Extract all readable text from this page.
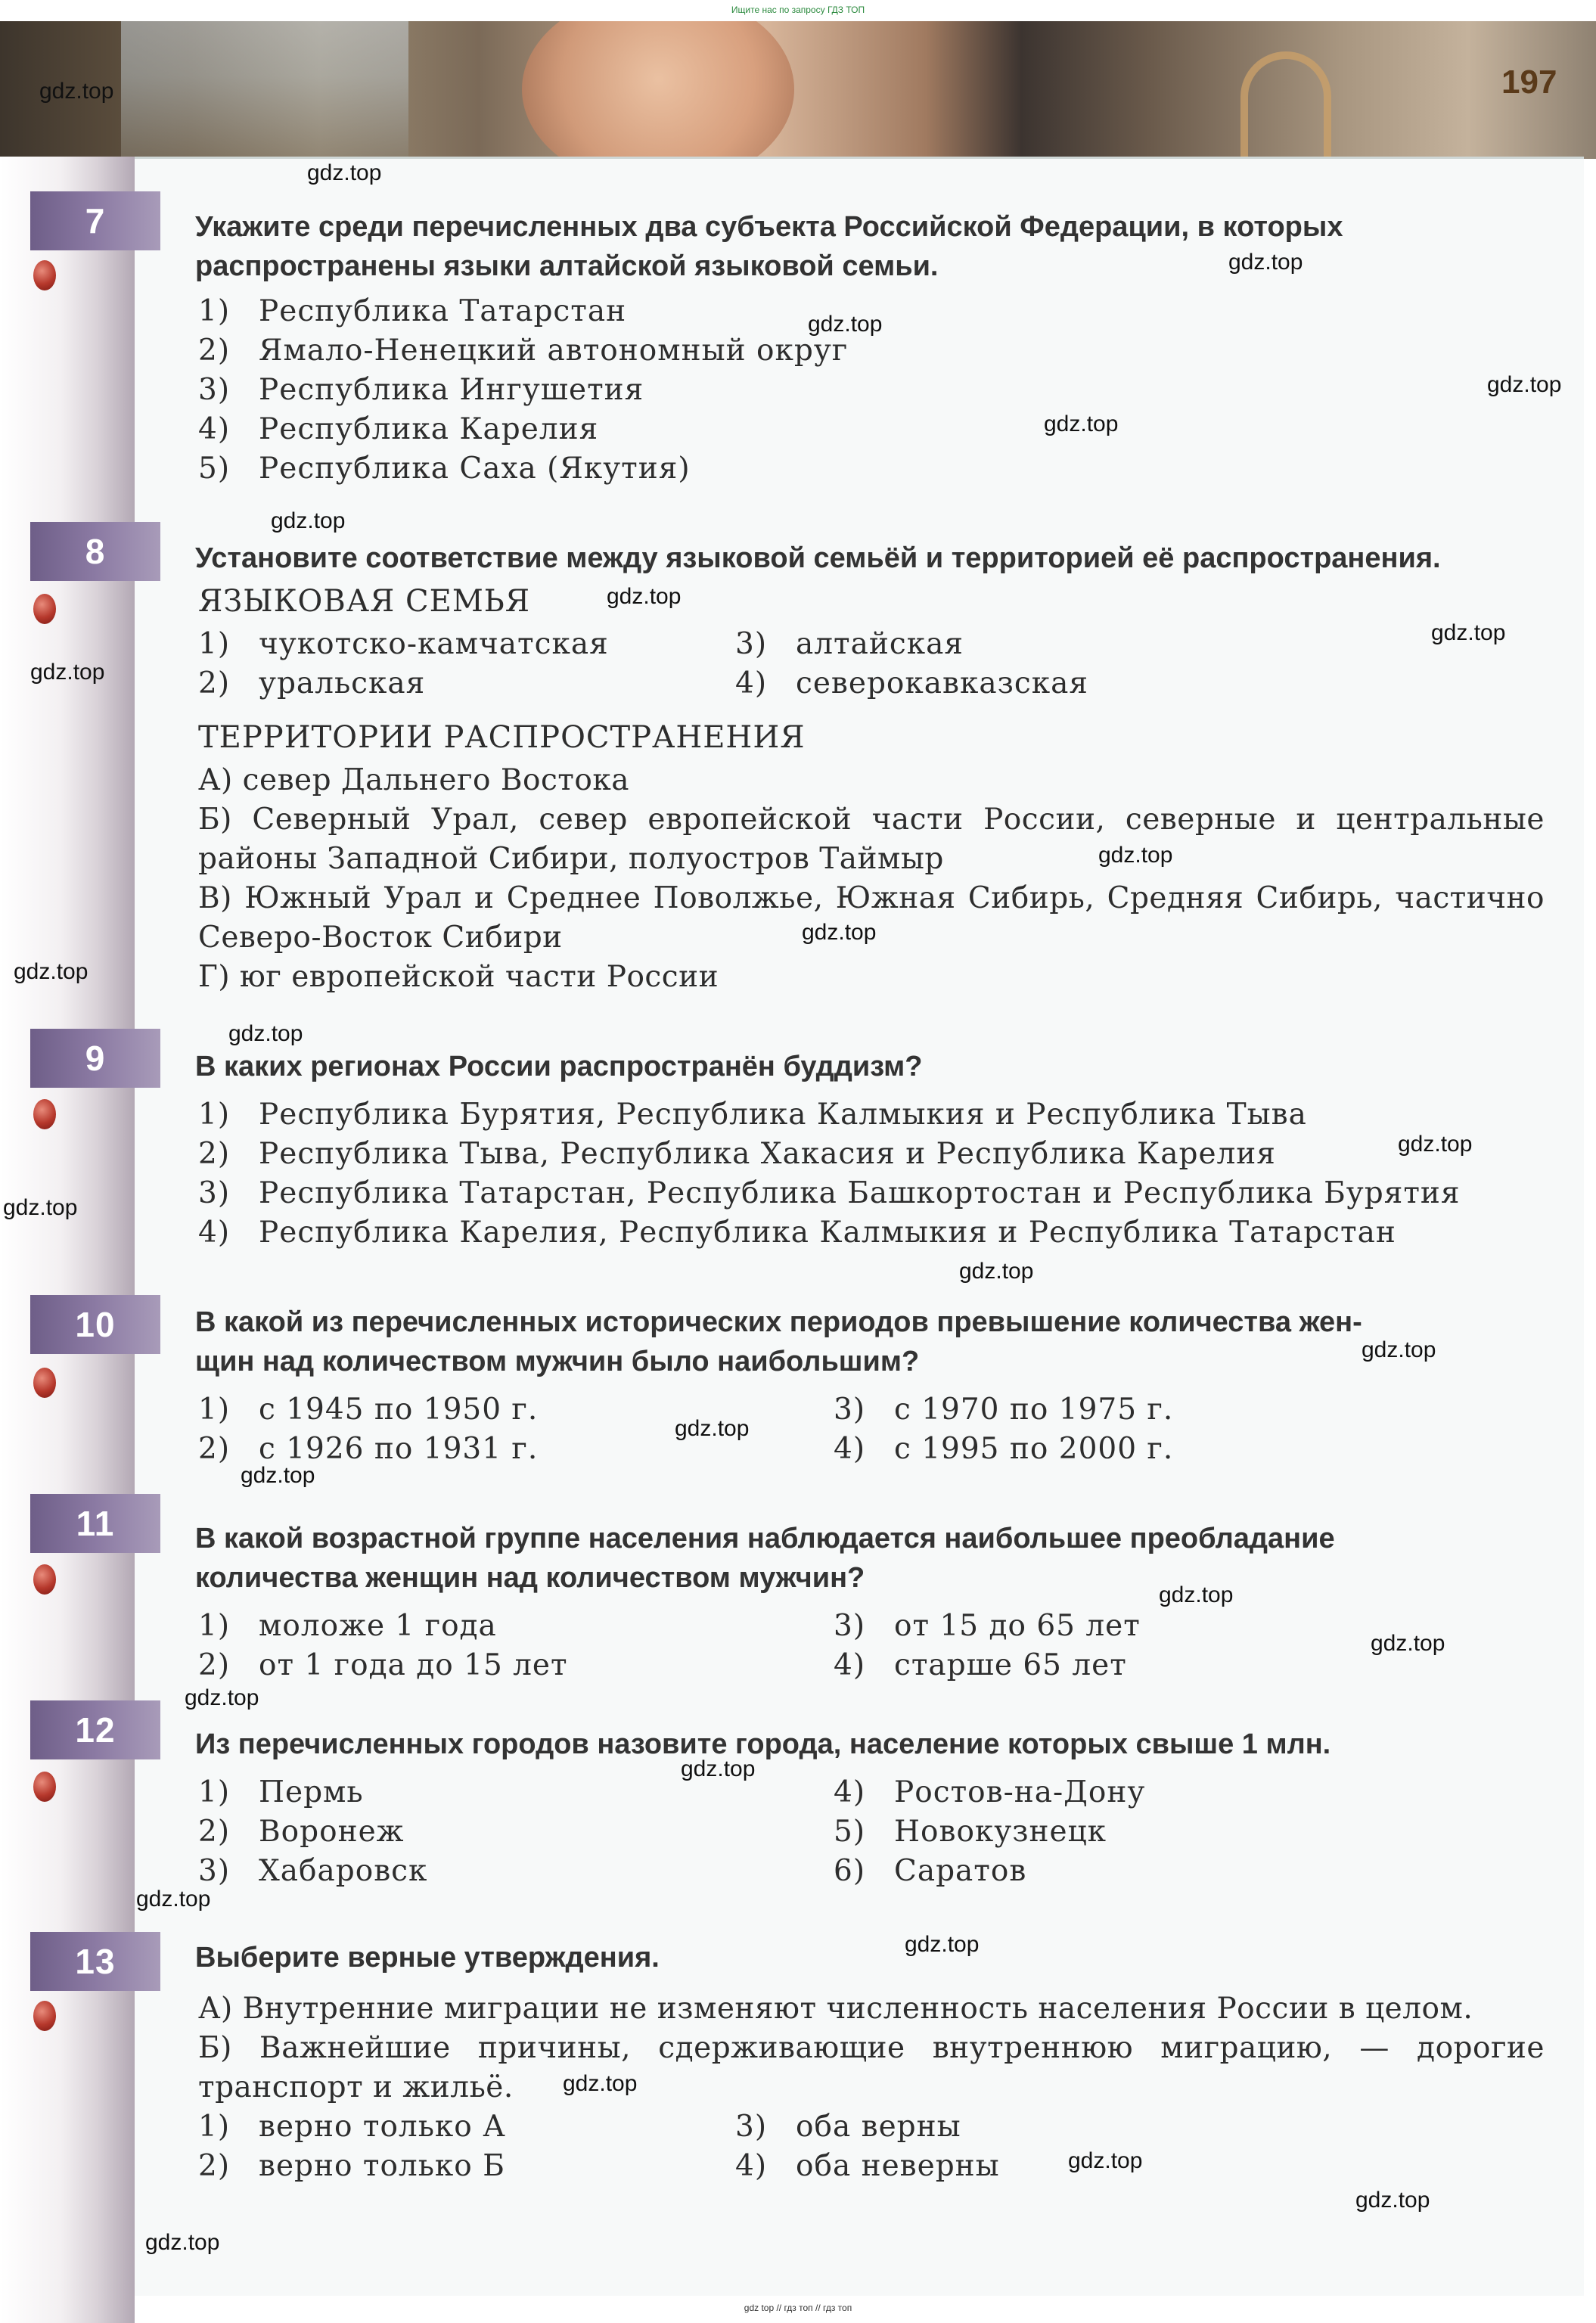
Ищите нас по запросу ГДЗ ТОП
197
7	Укажите среди перечисленных два субъекта Российской Федерации, в которых
распространены языки алтайской языковой семьи.
1) Республика Татарстан
2) Ямало-Ненецкий автономный округ
3) Республика Ингушетия
4) Республика Карелия
5) Республика Саха (Якутия)
8	Установите соответствие между языковой семьёй и территорией её распространения.
ЯЗЫКОВАЯ СЕМЬЯ
1) чукотско-камчатская
2) уральская
3) алтайская
4) северокавказская
ТЕРРИТОРИИ РАСПРОСТРАНЕНИЯ
А) север Дальнего Востока
Б) Северный Урал, север европейской части России, северные и центральные районы Западной Сибири, полуостров Таймыр
В) Южный Урал и Среднее Поволжье, Южная Сибирь, Средняя Сибирь, частично Северо-Восток Сибири
Г) юг европейской части России
9	В каких регионах России распространён буддизм?
1) Республика Бурятия, Республика Калмыкия и Республика Тыва
2) Республика Тыва, Республика Хакасия и Республика Карелия
3) Республика Татарстан, Республика Башкортостан и Республика Бурятия
4) Республика Карелия, Республика Калмыкия и Республика Татарстан
10	В какой из перечисленных исторических периодов превышение количества жен-
щин над количеством мужчин было наибольшим?
1) с 1945 по 1950 г.
2) с 1926 по 1931 г.
3) с 1970 по 1975 г.
4) с 1995 по 2000 г.
11	В какой возрастной группе населения наблюдается наибольшее преобладание
количества женщин над количеством мужчин?
1) моложе 1 года
2) от 1 года до 15 лет
3) от 15 до 65 лет
4) старше 65 лет
12	Из перечисленных городов назовите города, население которых свыше 1 млн.
1) Пермь
2) Воронеж
3) Хабаровск
4) Ростов-на-Дону
5) Новокузнецк
6) Саратов
13	Выберите верные утверждения.
А) Внутренние миграции не изменяют численность населения России в целом.
Б) Важнейшие причины, сдерживающие внутреннюю миграцию, — дорогие транспорт и жильё.
1) верно только А
2) верно только Б
3) оба верны
4) оба неверны
gdz.top
gdz.top
gdz.top
gdz.top
gdz.top
gdz.top
gdz.top
gdz.top
gdz.top
gdz.top
gdz.top
gdz.top
gdz.top
gdz.top
gdz.top
gdz.top
gdz.top
gdz.top
gdz.top
gdz.top
gdz.top
gdz.top
gdz.top
gdz.top
gdz.top
gdz.top
gdz.top
gdz.top
gdz.top
gdz.top
gdz top // гдз топ // гдз топ
